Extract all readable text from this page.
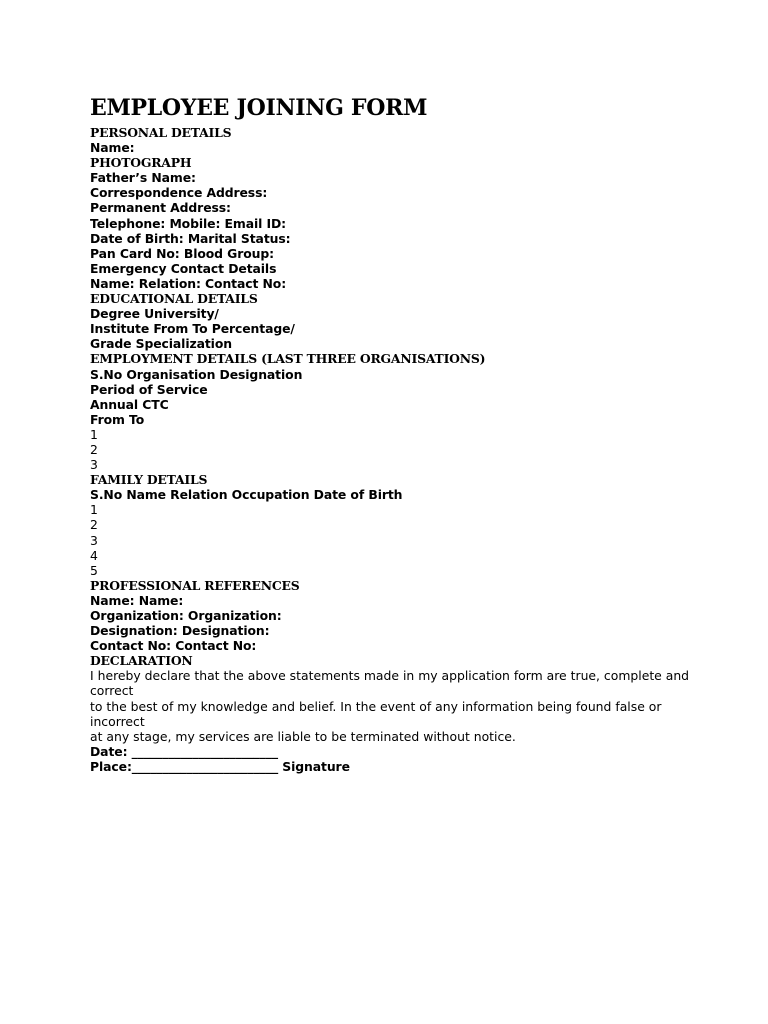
EMPLOYEE JOINING FORM
PERSONAL DETAILS
Name:
PHOTOGRAPH
Father’s Name:
Correspondence Address:
Permanent Address:
Telephone: Mobile: Email ID:
Date of Birth: Marital Status:
Pan Card No: Blood Group:
Emergency Contact Details
Name: Relation: Contact No:
EDUCATIONAL DETAILS
Degree University/
Institute From To Percentage/
Grade Specialization
EMPLOYMENT DETAILS (LAST THREE ORGANISATIONS)
S.No Organisation Designation
Period of Service
Annual CTC
From To
1
2
3
FAMILY DETAILS
S.No Name Relation Occupation Date of Birth
1
2
3
4
5
PROFESSIONAL REFERENCES
Name: Name:
Organization: Organization:
Designation: Designation:
Contact No: Contact No:
DECLARATION
I hereby declare that the above statements made in my application form are true, complete and correct
to the best of my knowledge and belief. In the event of any information being found false or incorrect
at any stage, my services are liable to be terminated without notice.
Date: ________________________
Place:________________________ Signature
